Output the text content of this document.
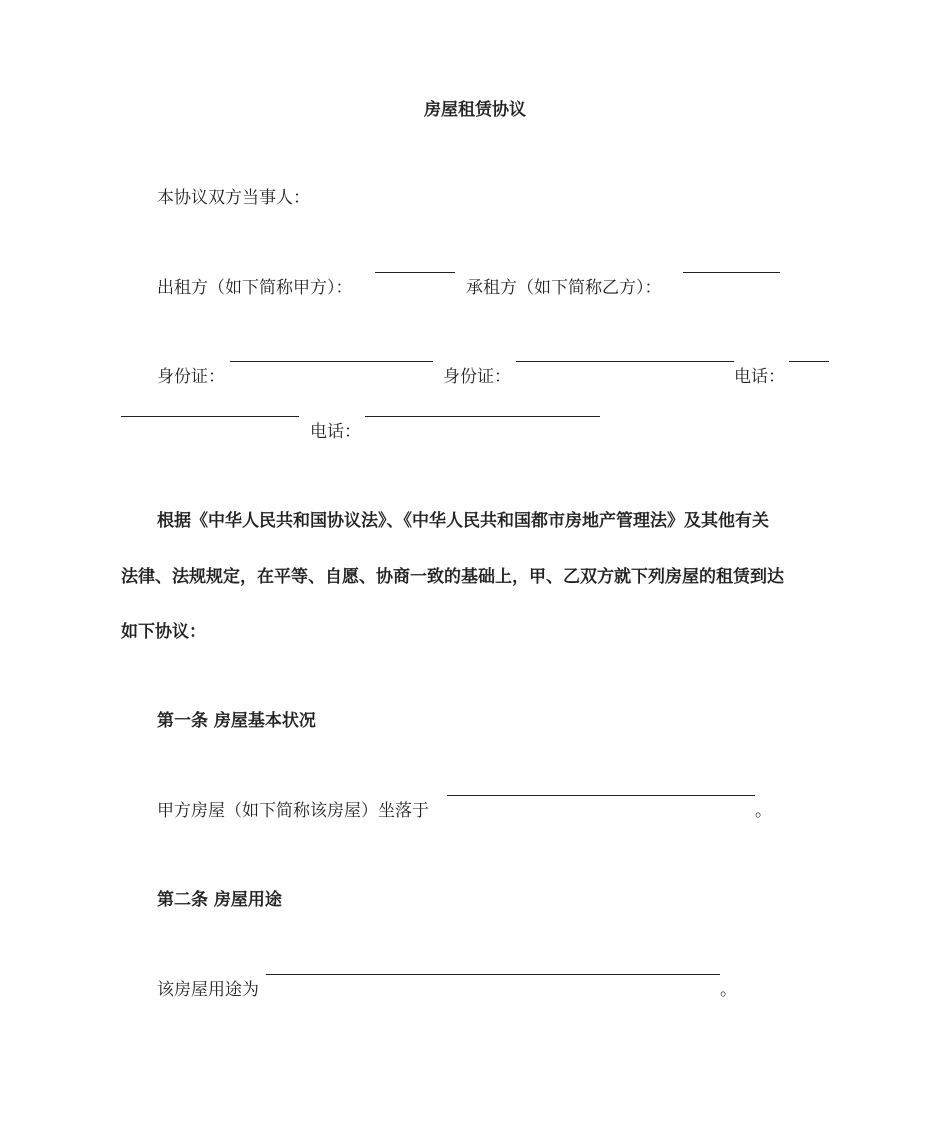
房屋租赁协议
本协议双方当事人：
出租方（如下简称甲方）：	承租方（如下简称乙方）：
身份证：	身份证：	电话：
电话：
根据《中华人民共和国协议法》、《中华人民共和国都市房地产管理法》及其他有关
法律、法规规定，在平等、自愿、协商一致的基础上，甲、乙双方就下列房屋的租赁到达
如下协议：
第一条 房屋基本状况
甲方房屋（如下简称该房屋）坐落于	。
第二条 房屋用途
该房屋用途为	。
